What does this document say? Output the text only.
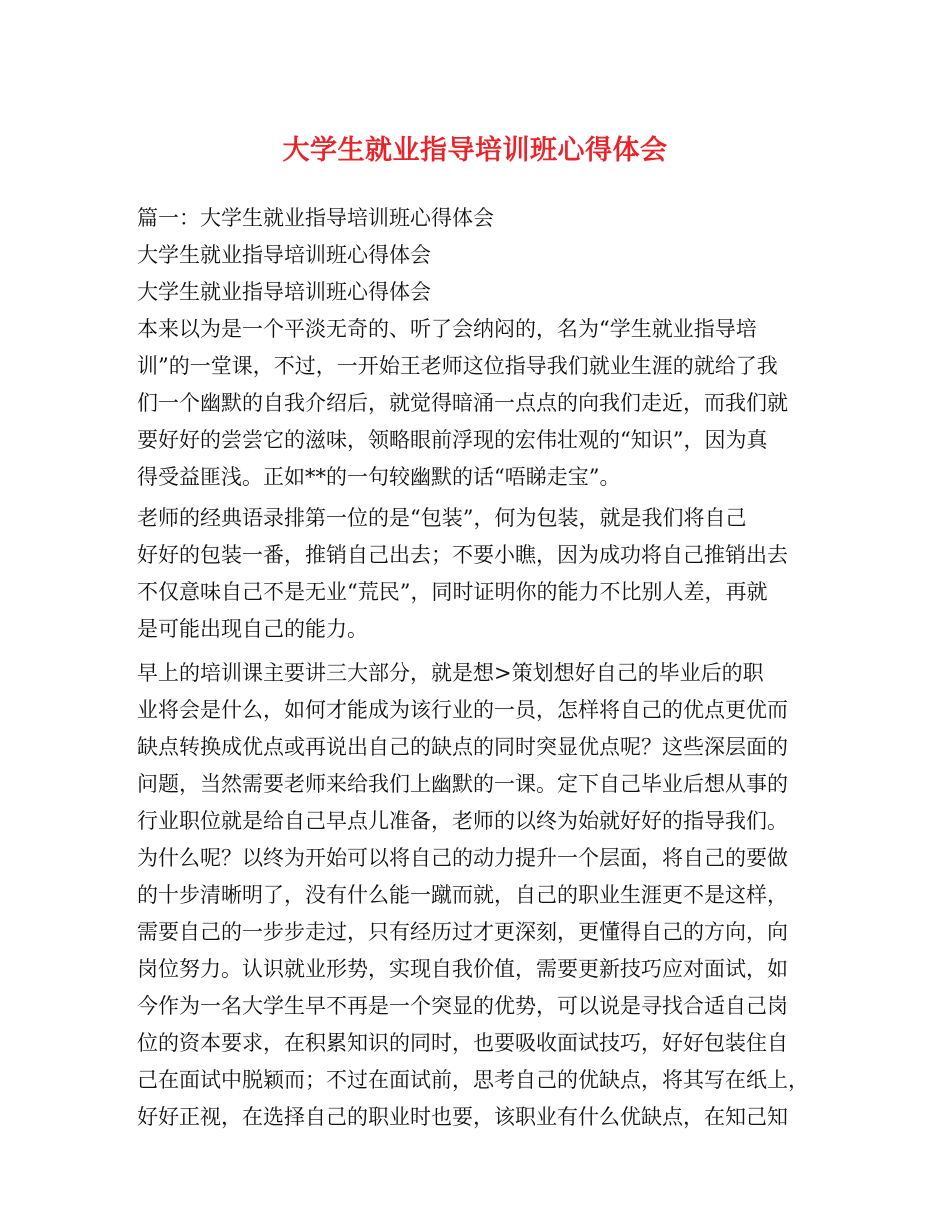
大学生就业指导培训班心得体会
篇一：大学生就业指导培训班心得体会
大学生就业指导培训班心得体会
大学生就业指导培训班心得体会
本来以为是一个平淡无奇的、听了会纳闷的，名为“学生就业指导培
训”的一堂课，不过，一开始王老师这位指导我们就业生涯的就给了我
们一个幽默的自我介绍后，就觉得暗涌一点点的向我们走近，而我们就
要好好的尝尝它的滋味，领略眼前浮现的宏伟壮观的“知识”，因为真
得受益匪浅。正如**的一句较幽默的话“唔睇走宝”。
老师的经典语录排第一位的是“包装”，何为包装，就是我们将自己
好好的包装一番，推销自己出去；不要小瞧，因为成功将自己推销出去
不仅意味自己不是无业“荒民”，同时证明你的能力不比别人差，再就
是可能出现自己的能力。
早上的培训课主要讲三大部分，就是想>策划想好自己的毕业后的职
业将会是什么，如何才能成为该行业的一员，怎样将自己的优点更优而
缺点转换成优点或再说出自己的缺点的同时突显优点呢？这些深层面的
问题，当然需要老师来给我们上幽默的一课。定下自己毕业后想从事的
行业职位就是给自己早点儿准备，老师的以终为始就好好的指导我们。
为什么呢？以终为开始可以将自己的动力提升一个层面，将自己的要做
的十步清晰明了，没有什么能一蹴而就，自己的职业生涯更不是这样，
需要自己的一步步走过，只有经历过才更深刻，更懂得自己的方向，向
岗位努力。认识就业形势，实现自我价值，需要更新技巧应对面试，如
今作为一名大学生早不再是一个突显的优势，可以说是寻找合适自己岗
位的资本要求，在积累知识的同时，也要吸收面试技巧，好好包装住自
己在面试中脱颖而；不过在面试前，思考自己的优缺点，将其写在纸上，
好好正视，在选择自己的职业时也要，该职业有什么优缺点，在知己知
